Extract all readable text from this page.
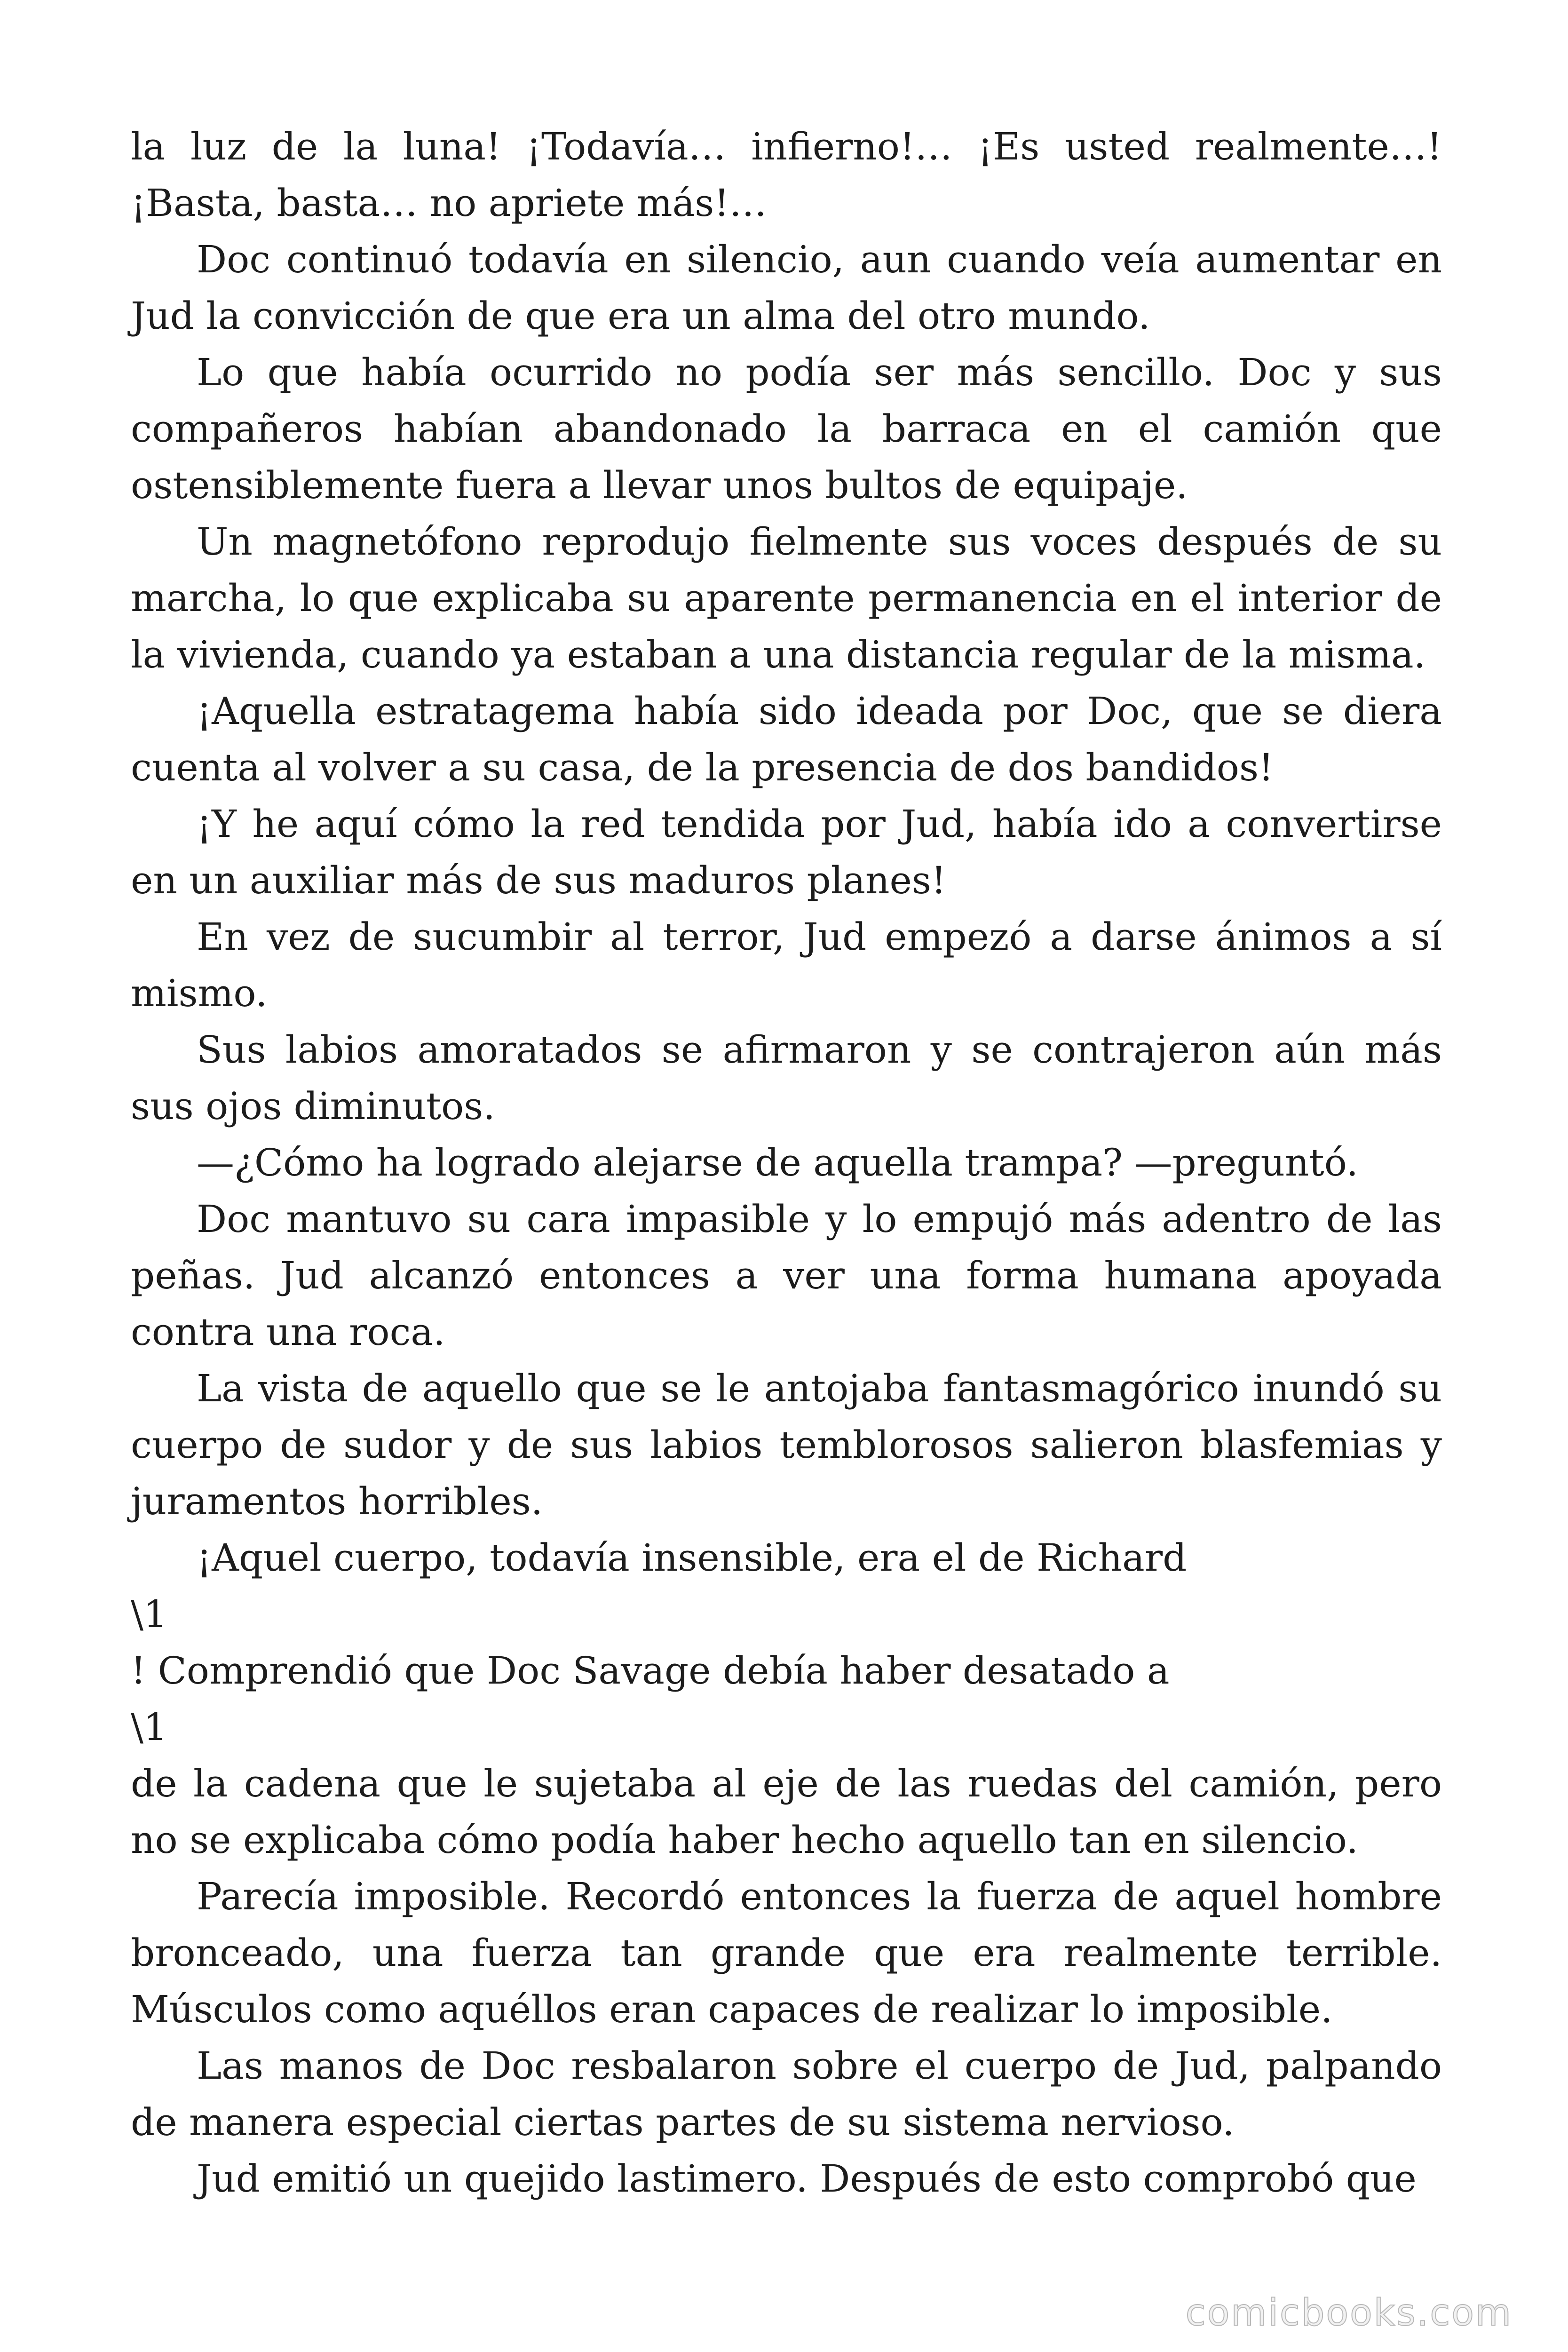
la luz de la luna! ¡Todavía… infierno!… ¡Es usted realmente…! ¡Basta, basta… no apriete más!…

Doc continuó todavía en silencio, aun cuando veía aumentar en Jud la convicción de que era un alma del otro mundo.

Lo que había ocurrido no podía ser más sencillo. Doc y sus compañeros habían abandonado la barraca en el camión que ostensiblemente fuera a llevar unos bultos de equipaje.

Un magnetófono reprodujo fielmente sus voces después de su marcha, lo que explicaba su aparente permanencia en el interior de la vivienda, cuando ya estaban a una distancia regular de la misma.

¡Aquella estratagema había sido ideada por Doc, que se diera cuenta al volver a su casa, de la presencia de dos bandidos!

¡Y he aquí cómo la red tendida por Jud, había ido a convertirse en un auxiliar más de sus maduros planes!

En vez de sucumbir al terror, Jud empezó a darse ánimos a sí mismo.

Sus labios amoratados se afirmaron y se contrajeron aún más sus ojos diminutos.

—¿Cómo ha logrado alejarse de aquella trampa? —preguntó.

Doc mantuvo su cara impasible y lo empujó más adentro de las peñas. Jud alcanzó entonces a ver una forma humana apoyada contra una roca.

La vista de aquello que se le antojaba fantasmagórico inundó su cuerpo de sudor y de sus labios temblorosos salieron blasfemias y juramentos horribles.

¡Aquel cuerpo, todavía insensible, era el de Richard

\1

! Comprendió que Doc Savage debía haber desatado a

\1

de la cadena que le sujetaba al eje de las ruedas del camión, pero no se explicaba cómo podía haber hecho aquello tan en silencio.

Parecía imposible. Recordó entonces la fuerza de aquel hombre bronceado, una fuerza tan grande que era realmente terrible. Músculos como aquéllos eran capaces de realizar lo imposible.

Las manos de Doc resbalaron sobre el cuerpo de Jud, palpando de manera especial ciertas partes de su sistema nervioso.

Jud emitió un quejido lastimero. Después de esto comprobó que

comicbooks.com
